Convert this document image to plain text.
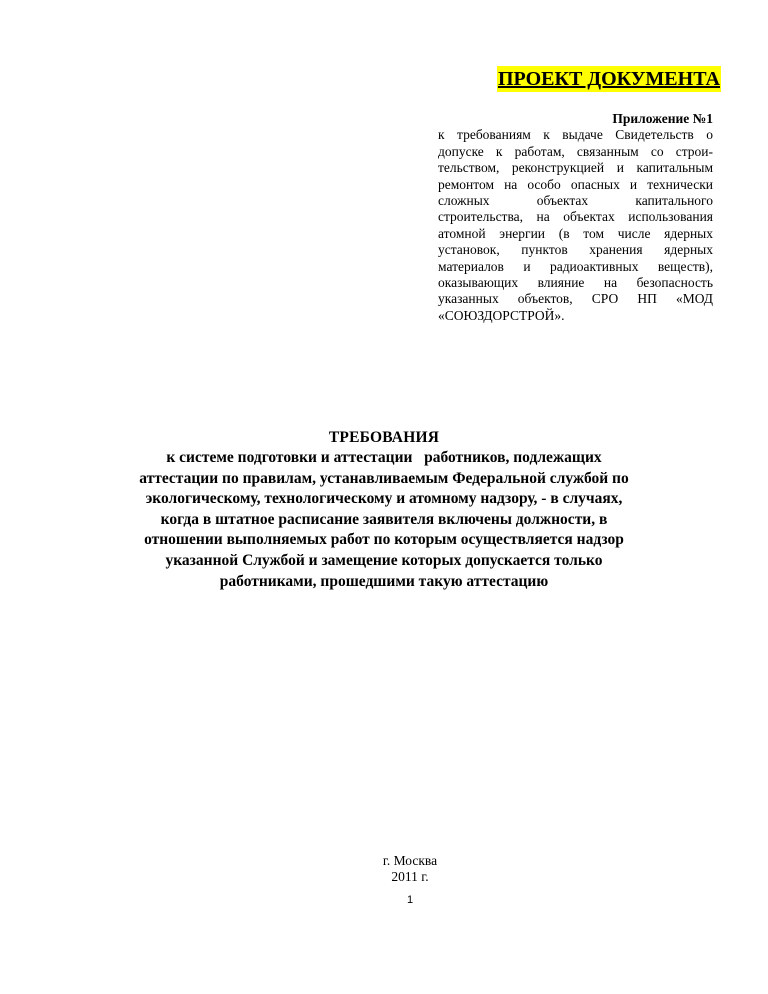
ПРОЕКТ ДОКУМЕНТА

Приложение №1

к требованиям к выдаче Свидетельств о допуске к работам, связанным со строительством, реконструкцией и капитальным ремонтом на особо опасных и технически сложных объектах капитального строительства, на объектах использования атомной энергии (в том числе ядерных установок, пунктов хранения ядерных материалов и радиоактивных веществ), оказывающих влияние на безопасность указанных объектов, СРО НП «МОД «СОЮЗДОРСТРОЙ».

ТРЕБОВАНИЯ

к системе подготовки и аттестации   работников, подлежащих

аттестации по правилам, устанавливаемым Федеральной службой по

экологическому, технологическому и атомному надзору, - в случаях,

когда в штатное расписание заявителя включены должности, в

отношении выполняемых работ по которым осуществляется надзор

указанной Службой и замещение которых допускается только

работниками, прошедшими такую аттестацию

г. Москва

2011 г.

1
